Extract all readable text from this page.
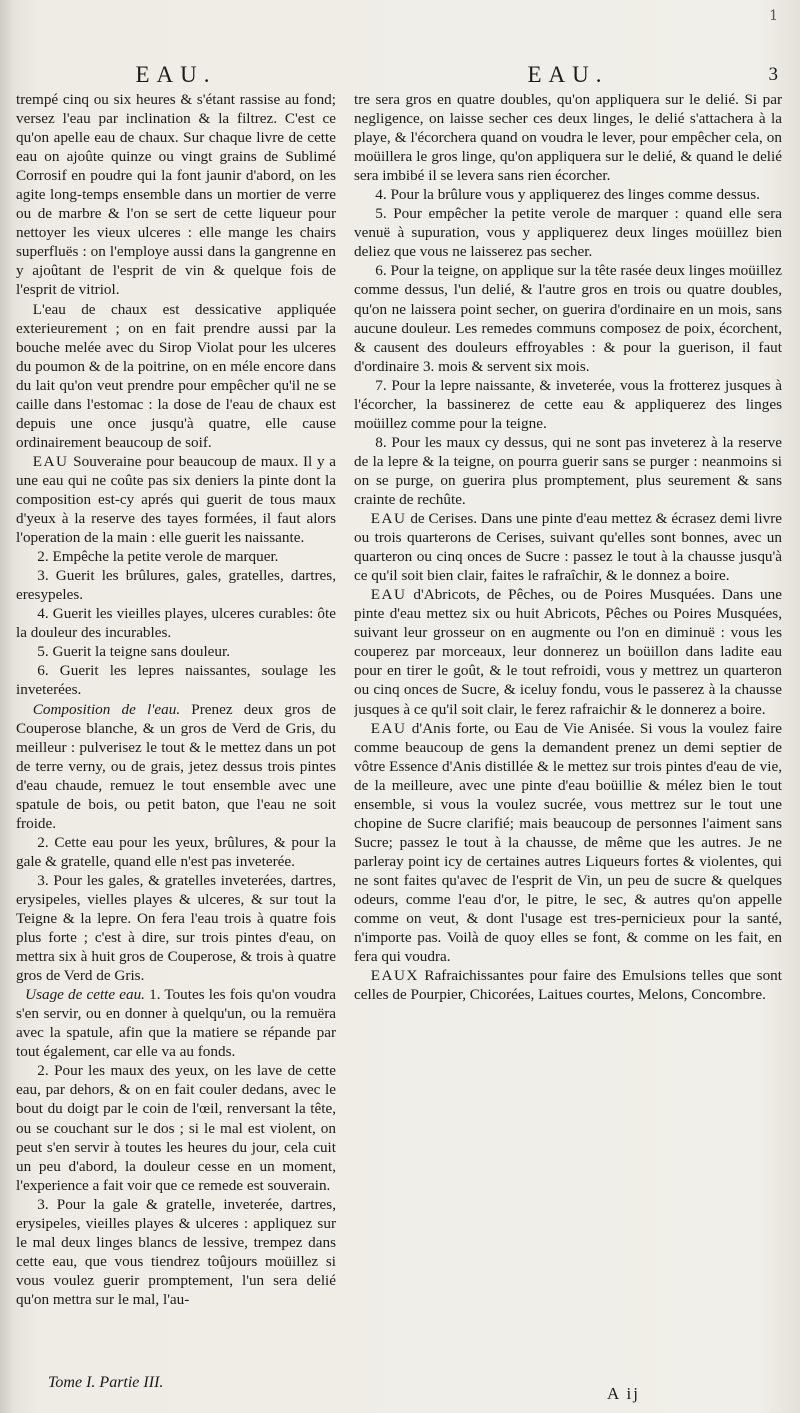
1
EAU.

trempé cinq ou six heures & s'étant rassise au fond; versez l'eau par inclination & la filtrez. C'est ce qu'on apelle eau de chaux. Sur chaque livre de cette eau on ajoûte quinze ou vingt grains de Sublimé Corrosif en poudre qui la font jaunir d'abord, on les agite long-temps ensemble dans un mortier de verre ou de marbre & l'on se sert de cette liqueur pour nettoyer les vieux ulceres : elle mange les chairs superfluës : on l'employe aussi dans la gangrenne en y ajoûtant de l'esprit de vin & quelque fois de l'esprit de vitriol.

L'eau de chaux est dessicative appliquée exterieurement ; on en fait prendre aussi par la bouche melée avec du Sirop Violat pour les ulceres du poumon & de la poitrine, on en méle encore dans du lait qu'on veut prendre pour empêcher qu'il ne se caille dans l'estomac : la dose de l'eau de chaux est depuis une once jusqu'à quatre, elle cause ordinairement beaucoup de soif.

EAU Souveraine pour beaucoup de maux. Il y a une eau qui ne coûte pas six deniers la pinte dont la composition est-cy aprés qui guerit de tous maux d'yeux à la reserve des tayes formées, il faut alors l'operation de la main : elle guerit les naissante.

2. Empêche la petite verole de marquer.

3. Guerit les brûlures, gales, gratelles, dartres, eresypeles.

4. Guerit les vieilles playes, ulceres curables: ôte la douleur des incurables.

5. Guerit la teigne sans douleur.

6. Guerit les lepres naissantes, soulage les inveterées.

Composition de l'eau. Prenez deux gros de Couperose blanche, & un gros de Verd de Gris, du meilleur : pulverisez le tout & le mettez dans un pot de terre verny, ou de grais, jetez dessus trois pintes d'eau chaude, remuez le tout ensemble avec une spatule de bois, ou petit baton, que l'eau ne soit froide.

2. Cette eau pour les yeux, brûlures, & pour la gale & gratelle, quand elle n'est pas inveterée.

3. Pour les gales, & gratelles inveterées, dartres, erysipeles, vielles playes & ulceres, & sur tout la Teigne & la lepre. On fera l'eau trois à quatre fois plus forte ; c'est à dire, sur trois pintes d'eau, on mettra six à huit gros de Couperose, & trois à quatre gros de Verd de Gris.

Usage de cette eau. 1. Toutes les fois qu'on voudra s'en servir, ou en donner à quelqu'un, ou la remuëra avec la spatule, afin que la matiere se répande par tout également, car elle va au fonds.

2. Pour les maux des yeux, on les lave de cette eau, par dehors, & on en fait couler dedans, avec le bout du doigt par le coin de l'œil, renversant la tête, ou se couchant sur le dos ; si le mal est violent, on peut s'en servir à toutes les heures du jour, cela cuit un peu d'abord, la douleur cesse en un moment, l'experience a fait voir que ce remede est souverain.

3. Pour la gale & gratelle, inveterée, dartres, erysipeles, vieilles playes & ulceres : appliquez sur le mal deux linges blancs de lessive, trempez dans cette eau, que vous tiendrez toûjours moüillez si vous voulez guerir promptement, l'un sera delié qu'on mettra sur le mal, l'au-

EAU.	3

tre sera gros en quatre doubles, qu'on appliquera sur le delié. Si par negligence, on laisse secher ces deux linges, le delié s'attachera à la playe, & l'écorchera quand on voudra le lever, pour empêcher cela, on moüillera le gros linge, qu'on appliquera sur le delié, & quand le delié sera imbibé il se levera sans rien écorcher.

4. Pour la brûlure vous y appliquerez des linges comme dessus.

5. Pour empêcher la petite verole de marquer : quand elle sera venuë à supuration, vous y appliquerez deux linges moüillez bien deliez que vous ne laisserez pas secher.

6. Pour la teigne, on applique sur la tête rasée deux linges moüillez comme dessus, l'un delié, & l'autre gros en trois ou quatre doubles, qu'on ne laissera point secher, on guerira d'ordinaire en un mois, sans aucune douleur. Les remedes communs composez de poix, écorchent, & causent des douleurs effroyables : & pour la guerison, il faut d'ordinaire 3. mois & servent six mois.

7. Pour la lepre naissante, & inveterée, vous la frotterez jusques à l'écorcher, la bassinerez de cette eau & appliquerez des linges moüillez comme pour la teigne.

8. Pour les maux cy dessus, qui ne sont pas inveterez à la reserve de la lepre & la teigne, on pourra guerir sans se purger : neanmoins si on se purge, on guerira plus promptement, plus seurement & sans crainte de rechûte.

EAU de Cerises. Dans une pinte d'eau mettez & écrasez demi livre ou trois quarterons de Cerises, suivant qu'elles sont bonnes, avec un quarteron ou cinq onces de Sucre : passez le tout à la chausse jusqu'à ce qu'il soit bien clair, faites le rafraîchir, & le donnez a boire.

EAU d'Abricots, de Pêches, ou de Poires Musquées. Dans une pinte d'eau mettez six ou huit Abricots, Pêches ou Poires Musquées, suivant leur grosseur on en augmente ou l'on en diminuë : vous les couperez par morceaux, leur donnerez un boüillon dans ladite eau pour en tirer le goût, & le tout refroidi, vous y mettrez un quarteron ou cinq onces de Sucre, & iceluy fondu, vous le passerez à la chausse jusques à ce qu'il soit clair, le ferez rafraichir & le donnerez a boire.

EAU d'Anis forte, ou Eau de Vie Anisée. Si vous la voulez faire comme beaucoup de gens la demandent prenez un demi septier de vôtre Essence d'Anis distillée & le mettez sur trois pintes d'eau de vie, de la meilleure, avec une pinte d'eau boüillie & mélez bien le tout ensemble, si vous la voulez sucrée, vous mettrez sur le tout une chopine de Sucre clarifié; mais beaucoup de personnes l'aiment sans Sucre; passez le tout à la chausse, de même que les autres. Je ne parleray point icy de certaines autres Liqueurs fortes & violentes, qui ne sont faites qu'avec de l'esprit de Vin, un peu de sucre & quelques odeurs, comme l'eau d'or, le pitre, le sec, & autres qu'on appelle comme on veut, & dont l'usage est tres-pernicieux pour la santé, n'importe pas. Voilà de quoy elles se font, & comme on les fait, en fera qui voudra.

EAUX Rafraichissantes pour faire des Emulsions telles que sont celles de Pourpier, Chicorées, Laitues courtes, Melons, Concombre.

Tome I. Partie III.
A ij
